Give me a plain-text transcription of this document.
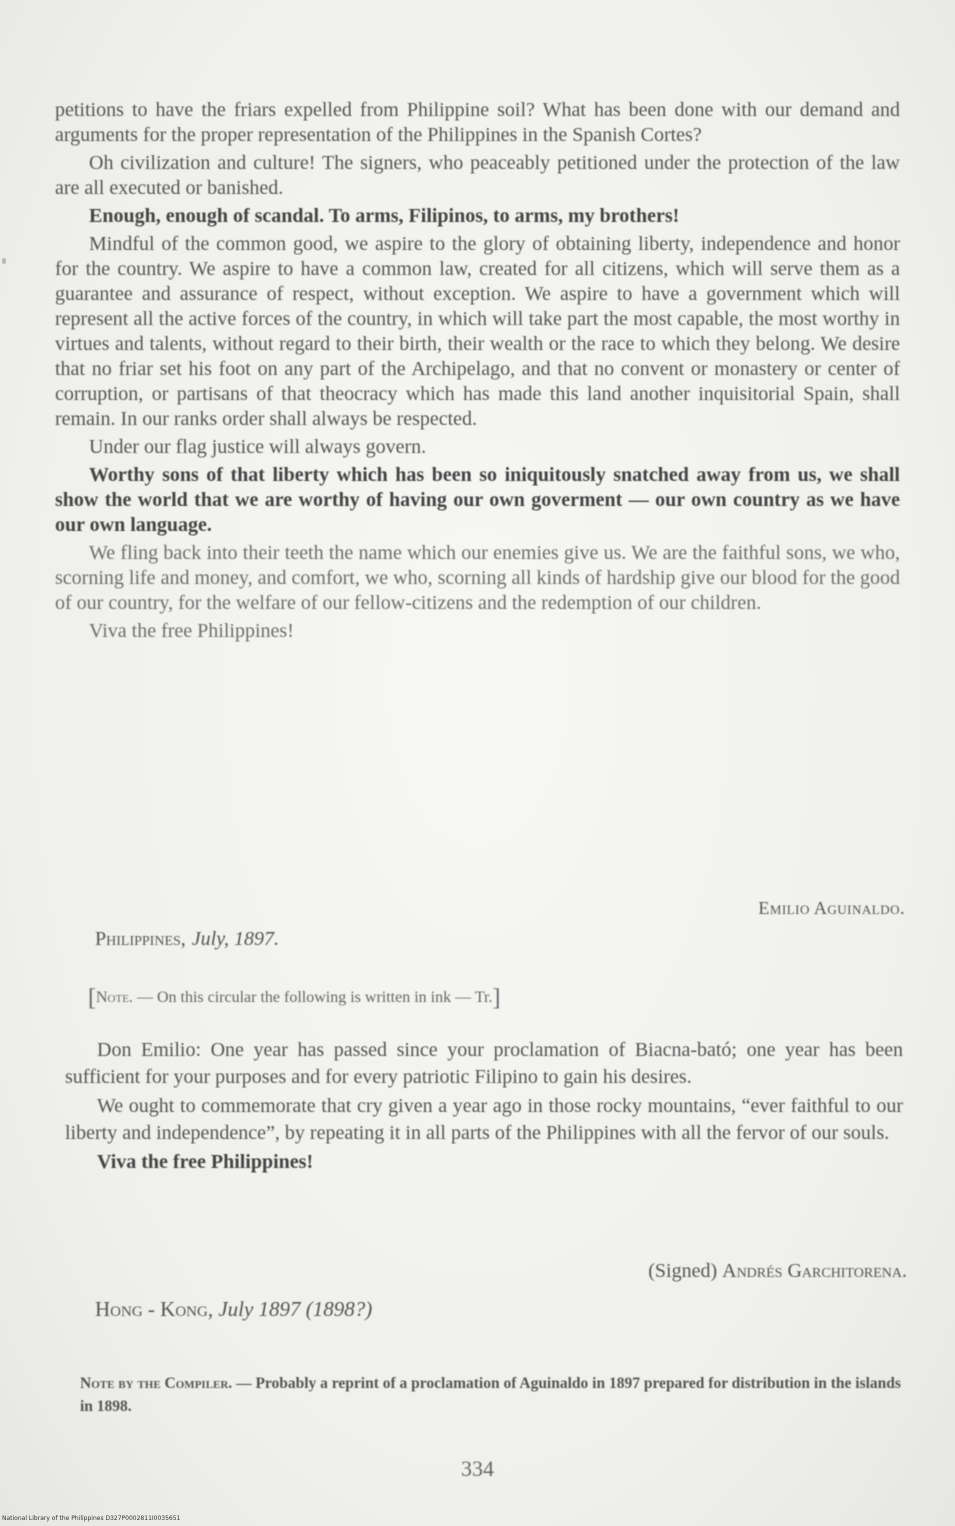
petitions to have the friars expelled from Philippine soil? What has been done with our demand and arguments for the proper representation of the Philippines in the Spanish Cortes?

Oh civilization and culture! The signers, who peaceably petitioned under the protection of the law are all executed or banished.

Enough, enough of scandal. To arms, Filipinos, to arms, my brothers!

Mindful of the common good, we aspire to the glory of obtaining liberty, independence and honor for the country. We aspire to have a common law, created for all citizens, which will serve them as a guarantee and assurance of respect, without exception. We aspire to have a government which will represent all the active forces of the country, in which will take part the most capable, the most worthy in virtues and talents, without regard to their birth, their wealth or the race to which they belong. We desire that no friar set his foot on any part of the Archipelago, and that no convent or monastery or center of corruption, or partisans of that theocracy which has made this land another inquisitorial Spain, shall remain. In our ranks order shall always be respected.

Under our flag justice will always govern.

Worthy sons of that liberty which has been so iniquitously snatched away from us, we shall show the world that we are worthy of having our own goverment — our own country as we have our own language.

We fling back into their teeth the name which our enemies give us. We are the faithful sons, we who, scorning life and money, and comfort, we who, scorning all kinds of hardship give our blood for the good of our country, for the welfare of our fellow-citizens and the redemption of our children.

Viva the free Philippines!

Emilio Aguinaldo.
Philippines, July, 1897.
[Note. — On this circular the following is written in ink — Tr.]

Don Emilio: One year has passed since your proclamation of Biacna-bató; one year has been sufficient for your purposes and for every patriotic Filipino to gain his desires.

We ought to commemorate that cry given a year ago in those rocky mountains, “ever faithful to our liberty and independence”, by repeating it in all parts of the Philippines with all the fervor of our souls.

Viva the free Philippines!

(Signed) Andrés Garchitorena.
Hong - Kong, July 1897 (1898?)
Note by the Compiler. — Probably a reprint of a proclamation of Aguinaldo in 1897 prepared for distribution in the islands in 1898.
334
National Library of the Philippines D327P0002811I0035651
